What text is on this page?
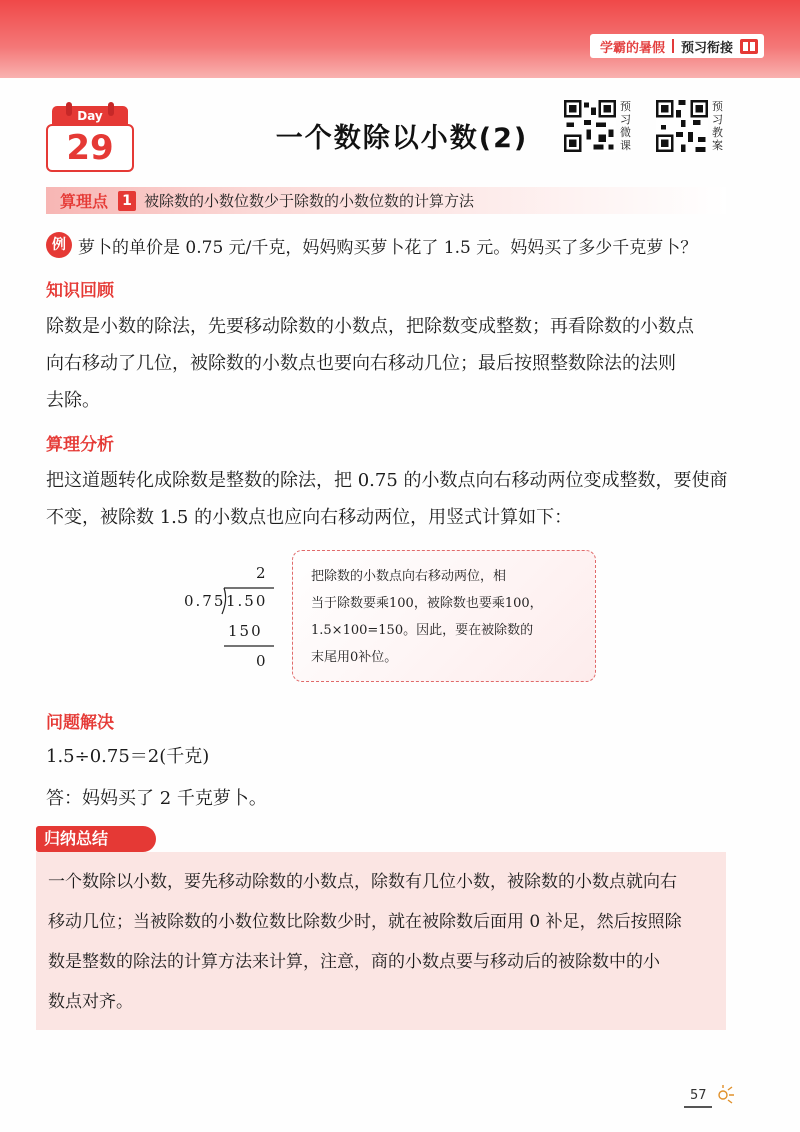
学霸的暑假 预习衔接
Day
29	一个数除以小数(2)
预习微课
预习教案
算理点 1 被除数的小数位数少于除数的小数位数的计算方法
例 萝卜的单价是 0.75 元/千克，妈妈购买萝卜花了 1.5 元。妈妈买了多少千克萝卜？
知识回顾
除数是小数的除法，先要移动除数的小数点，把除数变成整数；再看除数的小数点
向右移动了几位，被除数的小数点也要向右移动几位；最后按照整数除法的法则
去除。
算理分析
把这道题转化成除数是整数的除法，把 0.75 的小数点向右移动两位变成整数，要使商
不变，被除数 1.5 的小数点也应向右移动两位，用竖式计算如下：
2
0.75 1.50
150
0
把除数的小数点向右移动两位，相
当于除数要乘100，被除数也要乘100，
1.5×100=150。因此，要在被除数的
末尾用0补位。
问题解决
1.5÷0.75＝2(千克)
答：妈妈买了 2 千克萝卜。
归纳总结
一个数除以小数，要先移动除数的小数点，除数有几位小数，被除数的小数点就向右
移动几位；当被除数的小数位数比除数少时，就在被除数后面用 0 补足，然后按照除
数是整数的除法的计算方法来计算，注意，商的小数点要与移动后的被除数中的小
数点对齐。
57
